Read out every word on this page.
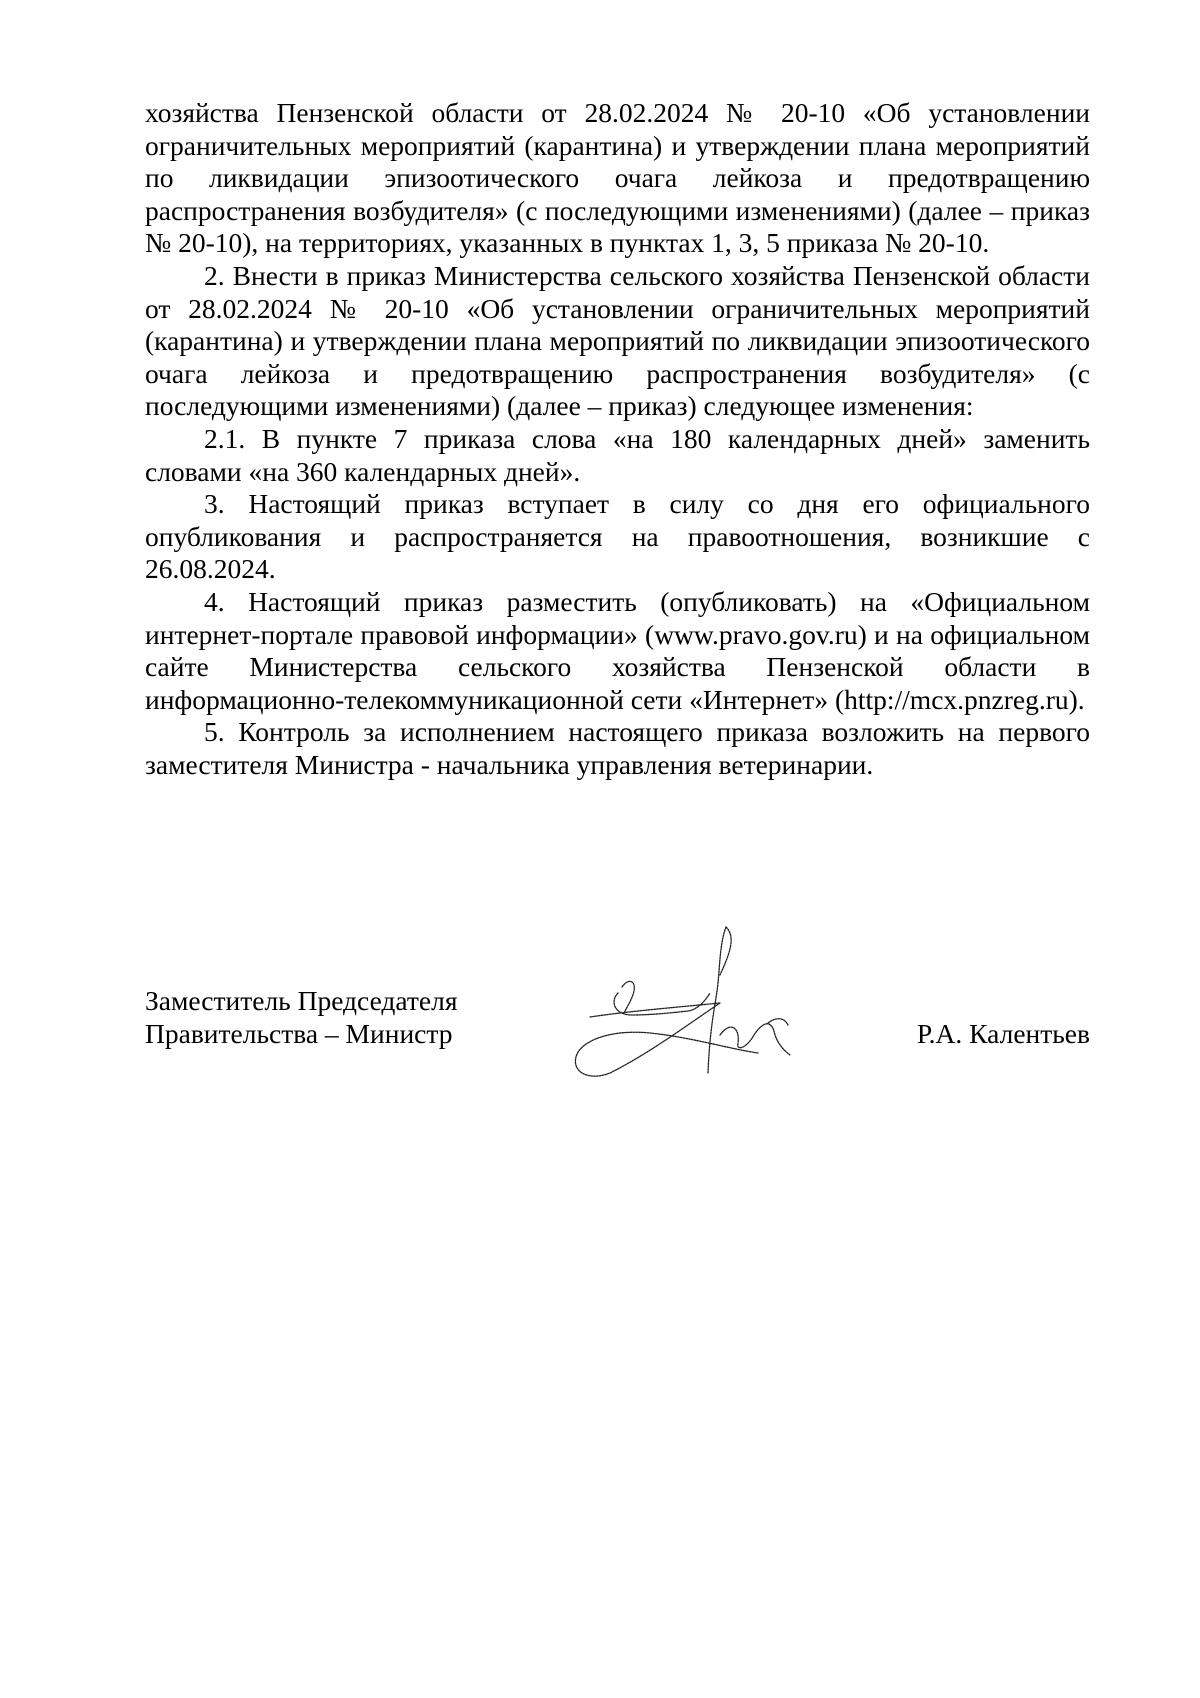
хозяйства Пензенской области от 28.02.2024 № 20-10 «Об установлении ограничительных мероприятий (карантина) и утверждении плана мероприятий по ликвидации эпизоотического очага лейкоза и предотвращению распространения возбудителя» (с последующими изменениями) (далее – приказ № 20-10), на территориях, указанных в пунктах 1, 3, 5 приказа № 20-10.

2. Внести в приказ Министерства сельского хозяйства Пензенской области от 28.02.2024 № 20-10 «Об установлении ограничительных мероприятий (карантина) и утверждении плана мероприятий по ликвидации эпизоотического очага лейкоза и предотвращению распространения возбудителя» (с последующими изменениями) (далее – приказ) следующее изменения:

2.1. В пункте 7 приказа слова «на 180 календарных дней» заменить словами «на 360 календарных дней».

3. Настоящий приказ вступает в силу со дня его официального опубликования и распространяется на правоотношения, возникшие с 26.08.2024.

4. Настоящий приказ разместить (опубликовать) на «Официальном интернет-портале правовой информации» (www.pravo.gov.ru) и на официальном сайте Министерства сельского хозяйства Пензенской области в информационно-телекоммуникационной сети «Интернет» (http://mcx.pnzreg.ru).

5. Контроль за исполнением настоящего приказа возложить на первого заместителя Министра - начальника управления ветеринарии.

Заместитель Председателя
Правительства – Министр	Р.А. Калентьев
